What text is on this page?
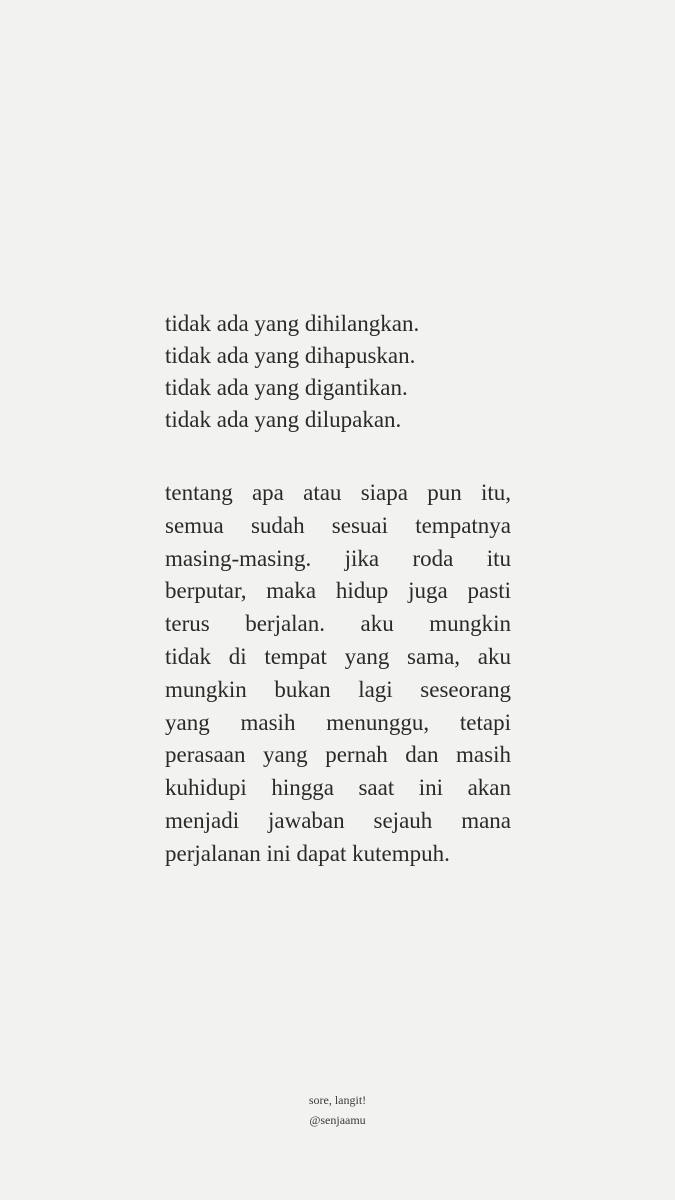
tidak ada yang dihilangkan.
tidak ada yang dihapuskan.
tidak ada yang digantikan.
tidak ada yang dilupakan.
tentang apa atau siapa pun itu,
semua sudah sesuai tempatnya
masing-masing. jika roda itu
berputar, maka hidup juga pasti
terus berjalan. aku mungkin
tidak di tempat yang sama, aku
mungkin bukan lagi seseorang
yang masih menunggu, tetapi
perasaan yang pernah dan masih
kuhidupi hingga saat ini akan
menjadi jawaban sejauh mana
perjalanan ini dapat kutempuh.
sore, langit!
@senjaamu
